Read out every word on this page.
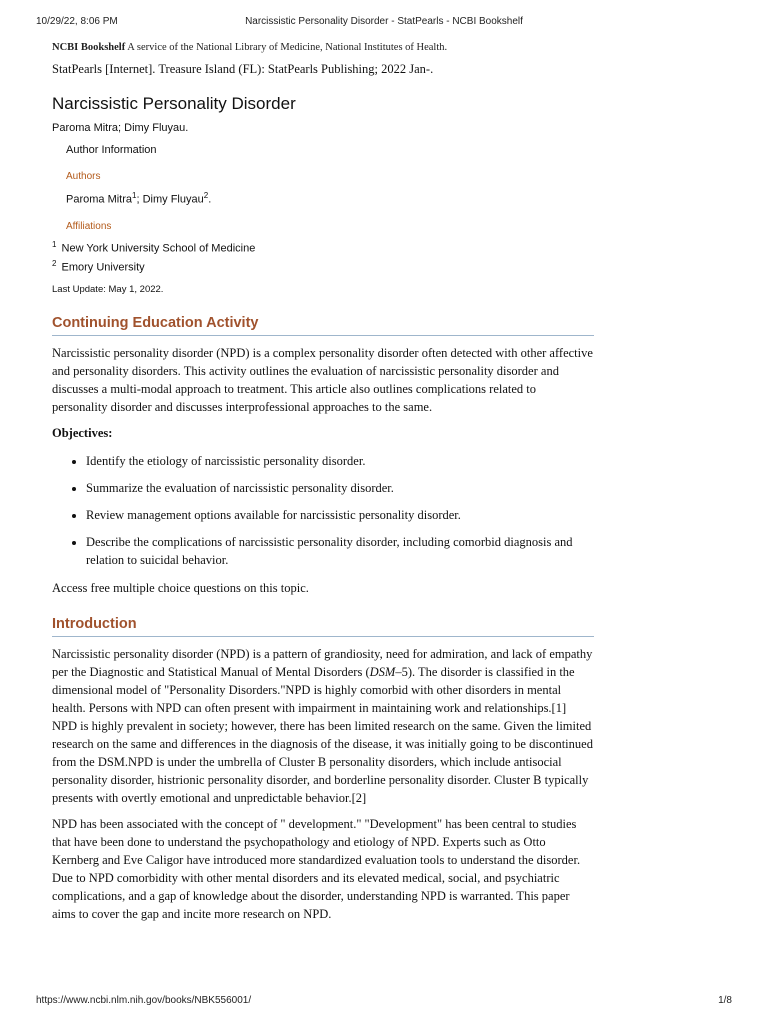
10/29/22, 8:06 PM	Narcissistic Personality Disorder - StatPearls - NCBI Bookshelf
NCBI Bookshelf A service of the National Library of Medicine, National Institutes of Health.
StatPearls [Internet]. Treasure Island (FL): StatPearls Publishing; 2022 Jan-.
Narcissistic Personality Disorder
Paroma Mitra; Dimy Fluyau.
Author Information
Authors
Paroma Mitra$^1$; Dimy Fluyau$^2$.
Affiliations
$^1$ New York University School of Medicine
$^2$ Emory University
Last Update: May 1, 2022.
Continuing Education Activity

Narcissistic personality disorder (NPD) is a complex personality disorder often detected with other affective and personality disorders. This activity outlines the evaluation of narcissistic personality disorder and discusses a multi-modal approach to treatment. This article also outlines complications related to personality disorder and discusses interprofessional approaches to the same.

Objectives:

• Identify the etiology of narcissistic personality disorder.
• Summarize the evaluation of narcissistic personality disorder.
• Review management options available for narcissistic personality disorder.
• Describe the complications of narcissistic personality disorder, including comorbid diagnosis and relation to suicidal behavior.

Access free multiple choice questions on this topic.

Introduction

Narcissistic personality disorder (NPD) is a pattern of grandiosity, need for admiration, and lack of empathy per the Diagnostic and Statistical Manual of Mental Disorders (DSM–5). The disorder is classified in the dimensional model of "Personality Disorders."NPD is highly comorbid with other disorders in mental health. Persons with NPD can often present with impairment in maintaining work and relationships.[1] NPD is highly prevalent in society; however, there has been limited research on the same. Given the limited research on the same and differences in the diagnosis of the disease, it was initially going to be discontinued from the DSM.NPD is under the umbrella of Cluster B personality disorders, which include antisocial personality disorder, histrionic personality disorder, and borderline personality disorder. Cluster B typically presents with overtly emotional and unpredictable behavior.[2]

NPD has been associated with the concept of " development." "Development" has been central to studies that have been done to understand the psychopathology and etiology of NPD. Experts such as Otto Kernberg and Eve Caligor have introduced more standardized evaluation tools to understand the disorder. Due to NPD comorbidity with other mental disorders and its elevated medical, social, and psychiatric complications, and a gap of knowledge about the disorder, understanding NPD is warranted. This paper aims to cover the gap and incite more research on NPD.

https://www.ncbi.nlm.nih.gov/books/NBK556001/	1/8
